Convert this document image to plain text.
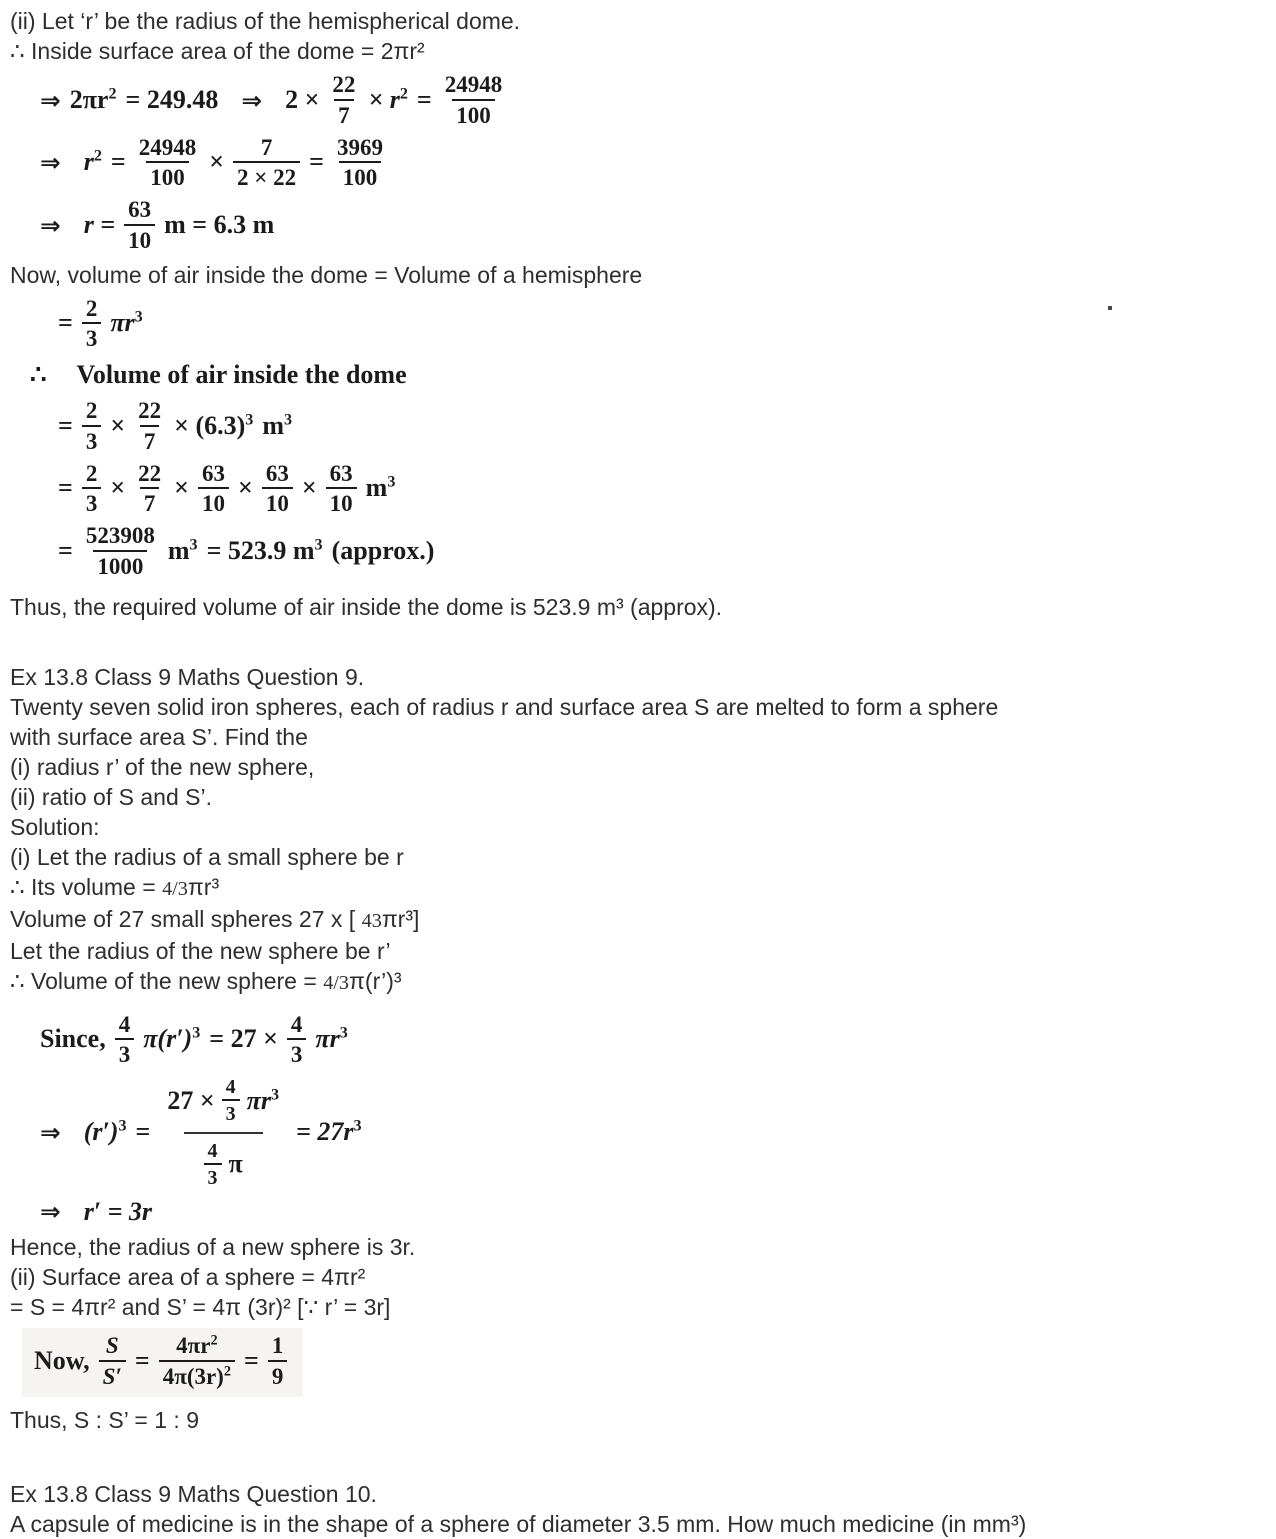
(ii) Let ‘r’ be the radius of the hemispherical dome.
∴ Inside surface area of the dome = 2πr²
⇒ $2\pi r^2 = 249.48$ ⇒ $2 \times \frac{22}{7} \times r^2 = \frac{24948}{100}$
⇒ $r^2 = \frac{24948}{100} \times \frac{7}{2 \times 22} = \frac{3969}{100}$
⇒ $r = \frac{63}{10}$ m = 6.3 m
Now, volume of air inside the dome = Volume of a hemisphere
= $\frac{2}{3} \pi r^3$
∴ Volume of air inside the dome
= $\frac{2}{3} \times \frac{22}{7} \times (6.3)^3$ $m^3$
= $\frac{2}{3} \times \frac{22}{7} \times \frac{63}{10} \times \frac{63}{10} \times \frac{63}{10} m^3$
= $\frac{523908}{1000} m^3 = 523.9$ $m^3$ (approx.)
Thus, the required volume of air inside the dome is 523.9 m³ (approx).
Ex 13.8 Class 9 Maths Question 9.
Twenty seven solid iron spheres, each of radius r and surface area S are melted to form a sphere
with surface area S’. Find the
(i) radius r’ of the new sphere,
(ii) ratio of S and S’.
Solution:
(i) Let the radius of a small sphere be r
∴ Its volume = 4/3πr³
Volume of 27 small spheres 27 x [ 43πr³]
Let the radius of the new sphere be r’
∴ Volume of the new sphere = 4/3π(r’)³
Since, $\frac{4}{3} \pi(r')^3 = 27 \times \frac{4}{3} \pi r^3$
⇒ $(r')^3$ =
$27 \times \frac{4}{3} \pi r^3$
$\frac{4}{3}$ π
= $27r^3$
⇒ r′ = 3r
Hence, the radius of a new sphere is 3r.
(ii) Surface area of a sphere = 4πr²
= S = 4πr² and S’ = 4π (3r)² [∵ r’ = 3r]
Now, $\frac{S}{S'} = \frac{4\pi r^2}{4\pi(3r)^2} = \frac{1}{9}$
Thus, S : S’ = 1 : 9
Ex 13.8 Class 9 Maths Question 10.
A capsule of medicine is in the shape of a sphere of diameter 3.5 mm. How much medicine (in mm³)
